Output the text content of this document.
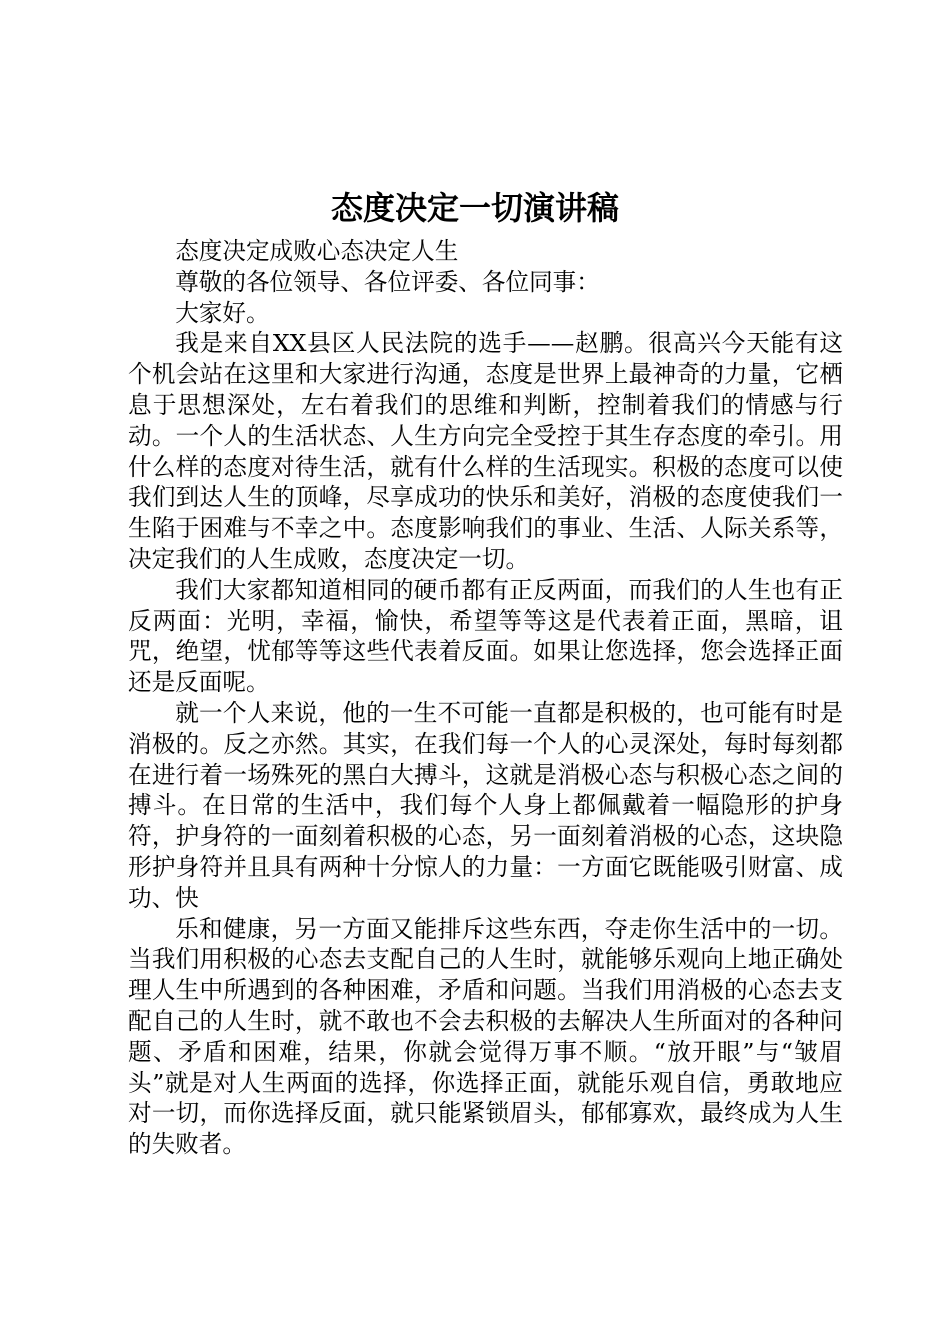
态度决定一切演讲稿

态度决定成败心态决定人生

尊敬的各位领导、各位评委、各位同事：

大家好。

我是来自XX县区人民法院的选手——赵鹏。很高兴今天能有这个机会站在这里和大家进行沟通，态度是世界上最神奇的力量，它栖息于思想深处，左右着我们的思维和判断，控制着我们的情感与行动。一个人的生活状态、人生方向完全受控于其生存态度的牵引。用什么样的态度对待生活，就有什么样的生活现实。积极的态度可以使我们到达人生的顶峰，尽享成功的快乐和美好，消极的态度使我们一生陷于困难与不幸之中。态度影响我们的事业、生活、人际关系等，决定我们的人生成败，态度决定一切。

我们大家都知道相同的硬币都有正反两面，而我们的人生也有正反两面：光明，幸福，愉快，希望等等这是代表着正面，黑暗，诅咒，绝望，忧郁等等这些代表着反面。如果让您选择，您会选择正面还是反面呢。

就一个人来说，他的一生不可能一直都是积极的，也可能有时是消极的。反之亦然。其实，在我们每一个人的心灵深处，每时每刻都在进行着一场殊死的黑白大搏斗，这就是消极心态与积极心态之间的搏斗。在日常的生活中，我们每个人身上都佩戴着一幅隐形的护身符，护身符的一面刻着积极的心态，另一面刻着消极的心态，这块隐形护身符并且具有两种十分惊人的力量：一方面它既能吸引财富、成功、快

乐和健康，另一方面又能排斥这些东西，夺走你生活中的一切。当我们用积极的心态去支配自己的人生时，就能够乐观向上地正确处理人生中所遇到的各种困难，矛盾和问题。当我们用消极的心态去支配自己的人生时，就不敢也不会去积极的去解决人生所面对的各种问题、矛盾和困难，结果，你就会觉得万事不顺。“放开眼”与“皱眉头”就是对人生两面的选择，你选择正面，就能乐观自信，勇敢地应对一切，而你选择反面，就只能紧锁眉头，郁郁寡欢，最终成为人生的失败者。
